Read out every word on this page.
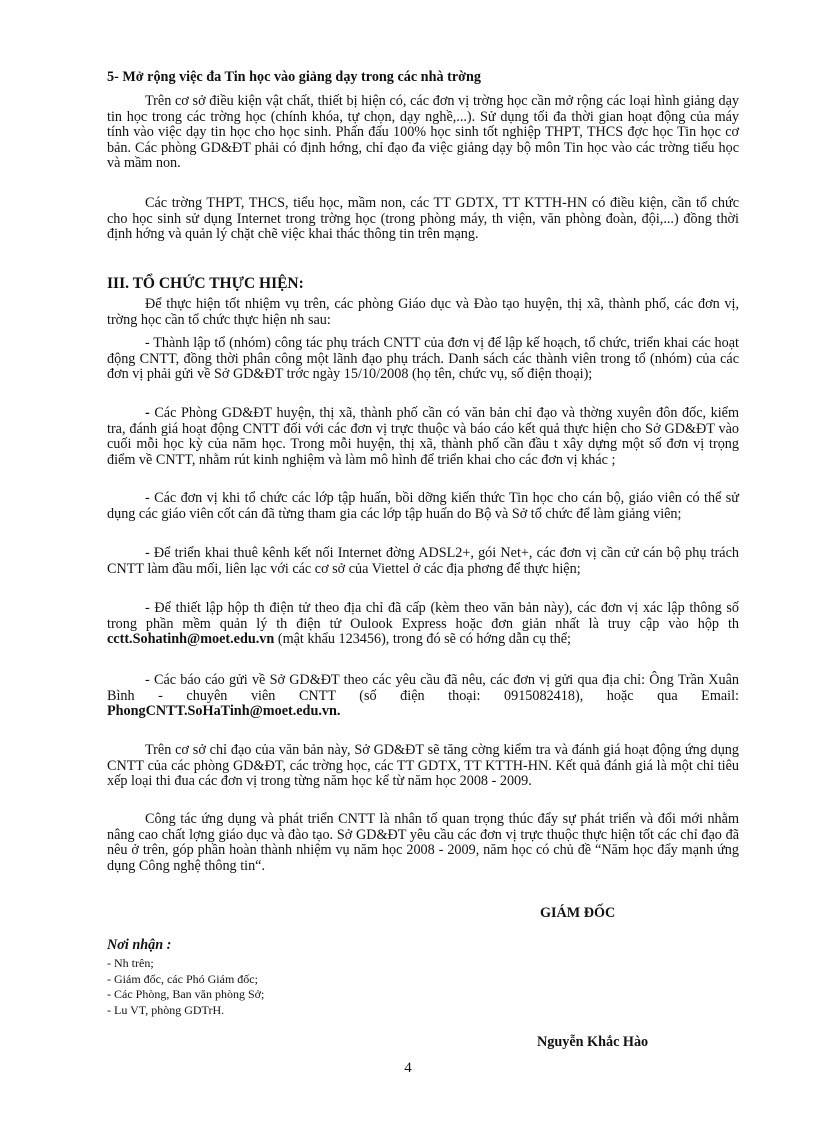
5- Mở rộng việc đa Tin học vào giảng dạy trong các nhà trờng

Trên cơ sở điều kiện vật chất, thiết bị hiện có, các đơn vị trờng học cần mở rộng các loại hình giảng dạy tin học trong các trờng học (chính khóa, tự chọn, dạy nghề,...). Sử dụng tối đa thời gian hoạt động của máy tính vào việc dạy tin học cho học sinh. Phấn đấu 100% học sinh tốt nghiệp THPT, THCS đợc học Tin học cơ bản. Các phòng GD&ĐT phải có định hớng, chỉ đạo đa việc giảng dạy bộ môn Tin học vào các trờng tiểu học và mầm non.

Các trờng THPT, THCS, tiểu học, mầm non, các TT GDTX, TT KTTH-HN có điều kiện, cần tổ chức cho học sinh sử dụng Internet trong trờng học (trong phòng máy, th viện, văn phòng đoàn, đội,...) đồng thời định hớng và quản lý chặt chẽ việc khai thác thông tin trên mạng.

III. TỔ CHỨC THỰC HIỆN:

Để thực hiện tốt nhiệm vụ trên, các phòng Giáo dục và Đào tạo huyện, thị xã, thành phố, các đơn vị, trờng học cần tổ chức thực hiện nh sau:

- Thành lập tổ (nhóm) công tác phụ trách CNTT của đơn vị để lập kế hoạch, tổ chức, triển khai các hoạt động CNTT, đồng thời phân công một lãnh đạo phụ trách. Danh sách các thành viên trong tổ (nhóm) của các đơn vị phải gửi về Sở GD&ĐT trớc ngày 15/10/2008 (họ tên, chức vụ, số điện thoại);

- Các Phòng GD&ĐT huyện, thị xã, thành phố cần có văn bản chỉ đạo và thờng xuyên đôn đốc, kiểm tra, đánh giá hoạt động CNTT đối với các đơn vị trực thuộc và báo cáo kết quả thực hiện cho Sở GD&ĐT vào cuối mỗi học kỳ của năm học. Trong mỗi huyện, thị xã, thành phố cần đầu t xây dựng một số đơn vị trọng điểm về CNTT, nhằm rút kinh nghiệm và làm mô hình để triển khai cho các đơn vị khác ;

- Các đơn vị khi tổ chức các lớp tập huấn, bồi dỡng kiến thức Tin học cho cán bộ, giáo viên có thể sử dụng các giáo viên cốt cán đã từng tham gia các lớp tập huấn do Bộ và Sở tổ chức để làm giảng viên;

- Để triển khai thuê kênh kết nối Internet đờng ADSL2+, gói Net+, các đơn vị cần cử cán bộ phụ trách CNTT làm đầu mối, liên lạc với các cơ sở của Viettel ở các địa phơng để thực hiện;

- Để thiết lập hộp th điện tử theo địa chỉ đã cấp (kèm theo văn bản này), các đơn vị xác lập thông số trong phần mềm quản lý th điện tử Oulook Express hoặc đơn giản nhất là truy cập vào hộp th cctt.Sohatinh@moet.edu.vn (mật khẩu 123456), trong đó sẽ có hớng dẫn cụ thể;

- Các báo cáo gửi về Sở GD&ĐT theo các yêu cầu đã nêu, các đơn vị gửi qua địa chỉ: Ông Trần Xuân Bình - chuyên viên CNTT (số điện thoại: 0915082418), hoặc qua Email: PhongCNTT.SoHaTinh@moet.edu.vn.

Trên cơ sở chỉ đạo của văn bản này, Sở GD&ĐT sẽ tăng cờng kiểm tra và đánh giá hoạt động ứng dụng CNTT của các phòng GD&ĐT, các trờng học, các TT GDTX, TT KTTH-HN. Kết quả đánh giá là một chỉ tiêu xếp loại thi đua các đơn vị trong từng năm học kể từ năm học 2008 - 2009.

Công tác ứng dụng và phát triển CNTT là nhân tố quan trọng thúc đẩy sự phát triển và đổi mới nhằm nâng cao chất lợng giáo dục và đào tạo. Sở GD&ĐT yêu cầu các đơn vị trực thuộc thực hiện tốt các chỉ đạo đã nêu ở trên, góp phần hoàn thành nhiệm vụ năm học 2008 - 2009, năm học có chủ đề “Năm học đẩy mạnh ứng dụng Công nghệ thông tin“.

GIÁM ĐỐC

Nơi nhận :

- Nh trên;
- Giám đốc, các Phó Giám đốc;
- Các Phòng, Ban văn phòng Sở;
- Lu VT, phòng GDTrH.

Nguyễn Khắc Hào

4
